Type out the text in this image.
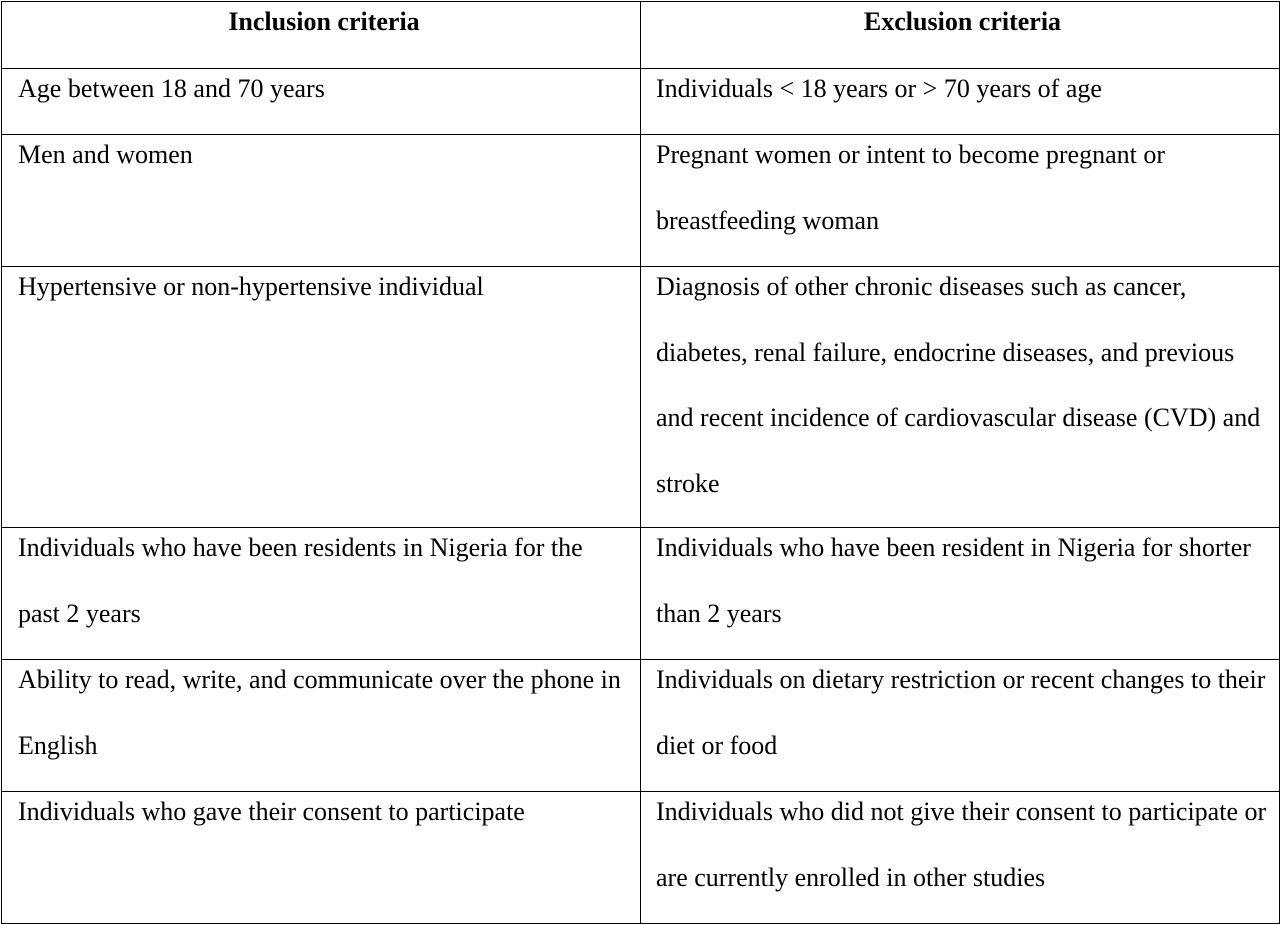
Inclusion criteria	Exclusion criteria

Age between 18 and 70 years	Individuals < 18 years or > 70 years of age

Men and women	Pregnant women or intent to become pregnant or breastfeeding woman

Hypertensive or non-hypertensive individual	Diagnosis of other chronic diseases such as cancer, diabetes, renal failure, endocrine diseases, and previous and recent incidence of cardiovascular disease (CVD) and stroke

Individuals who have been residents in Nigeria for the past 2 years	Individuals who have been resident in Nigeria for shorter than 2 years

Ability to read, write, and communicate over the phone in English	Individuals on dietary restriction or recent changes to their diet or food

Individuals who gave their consent to participate	Individuals who did not give their consent to participate or are currently enrolled in other studies
